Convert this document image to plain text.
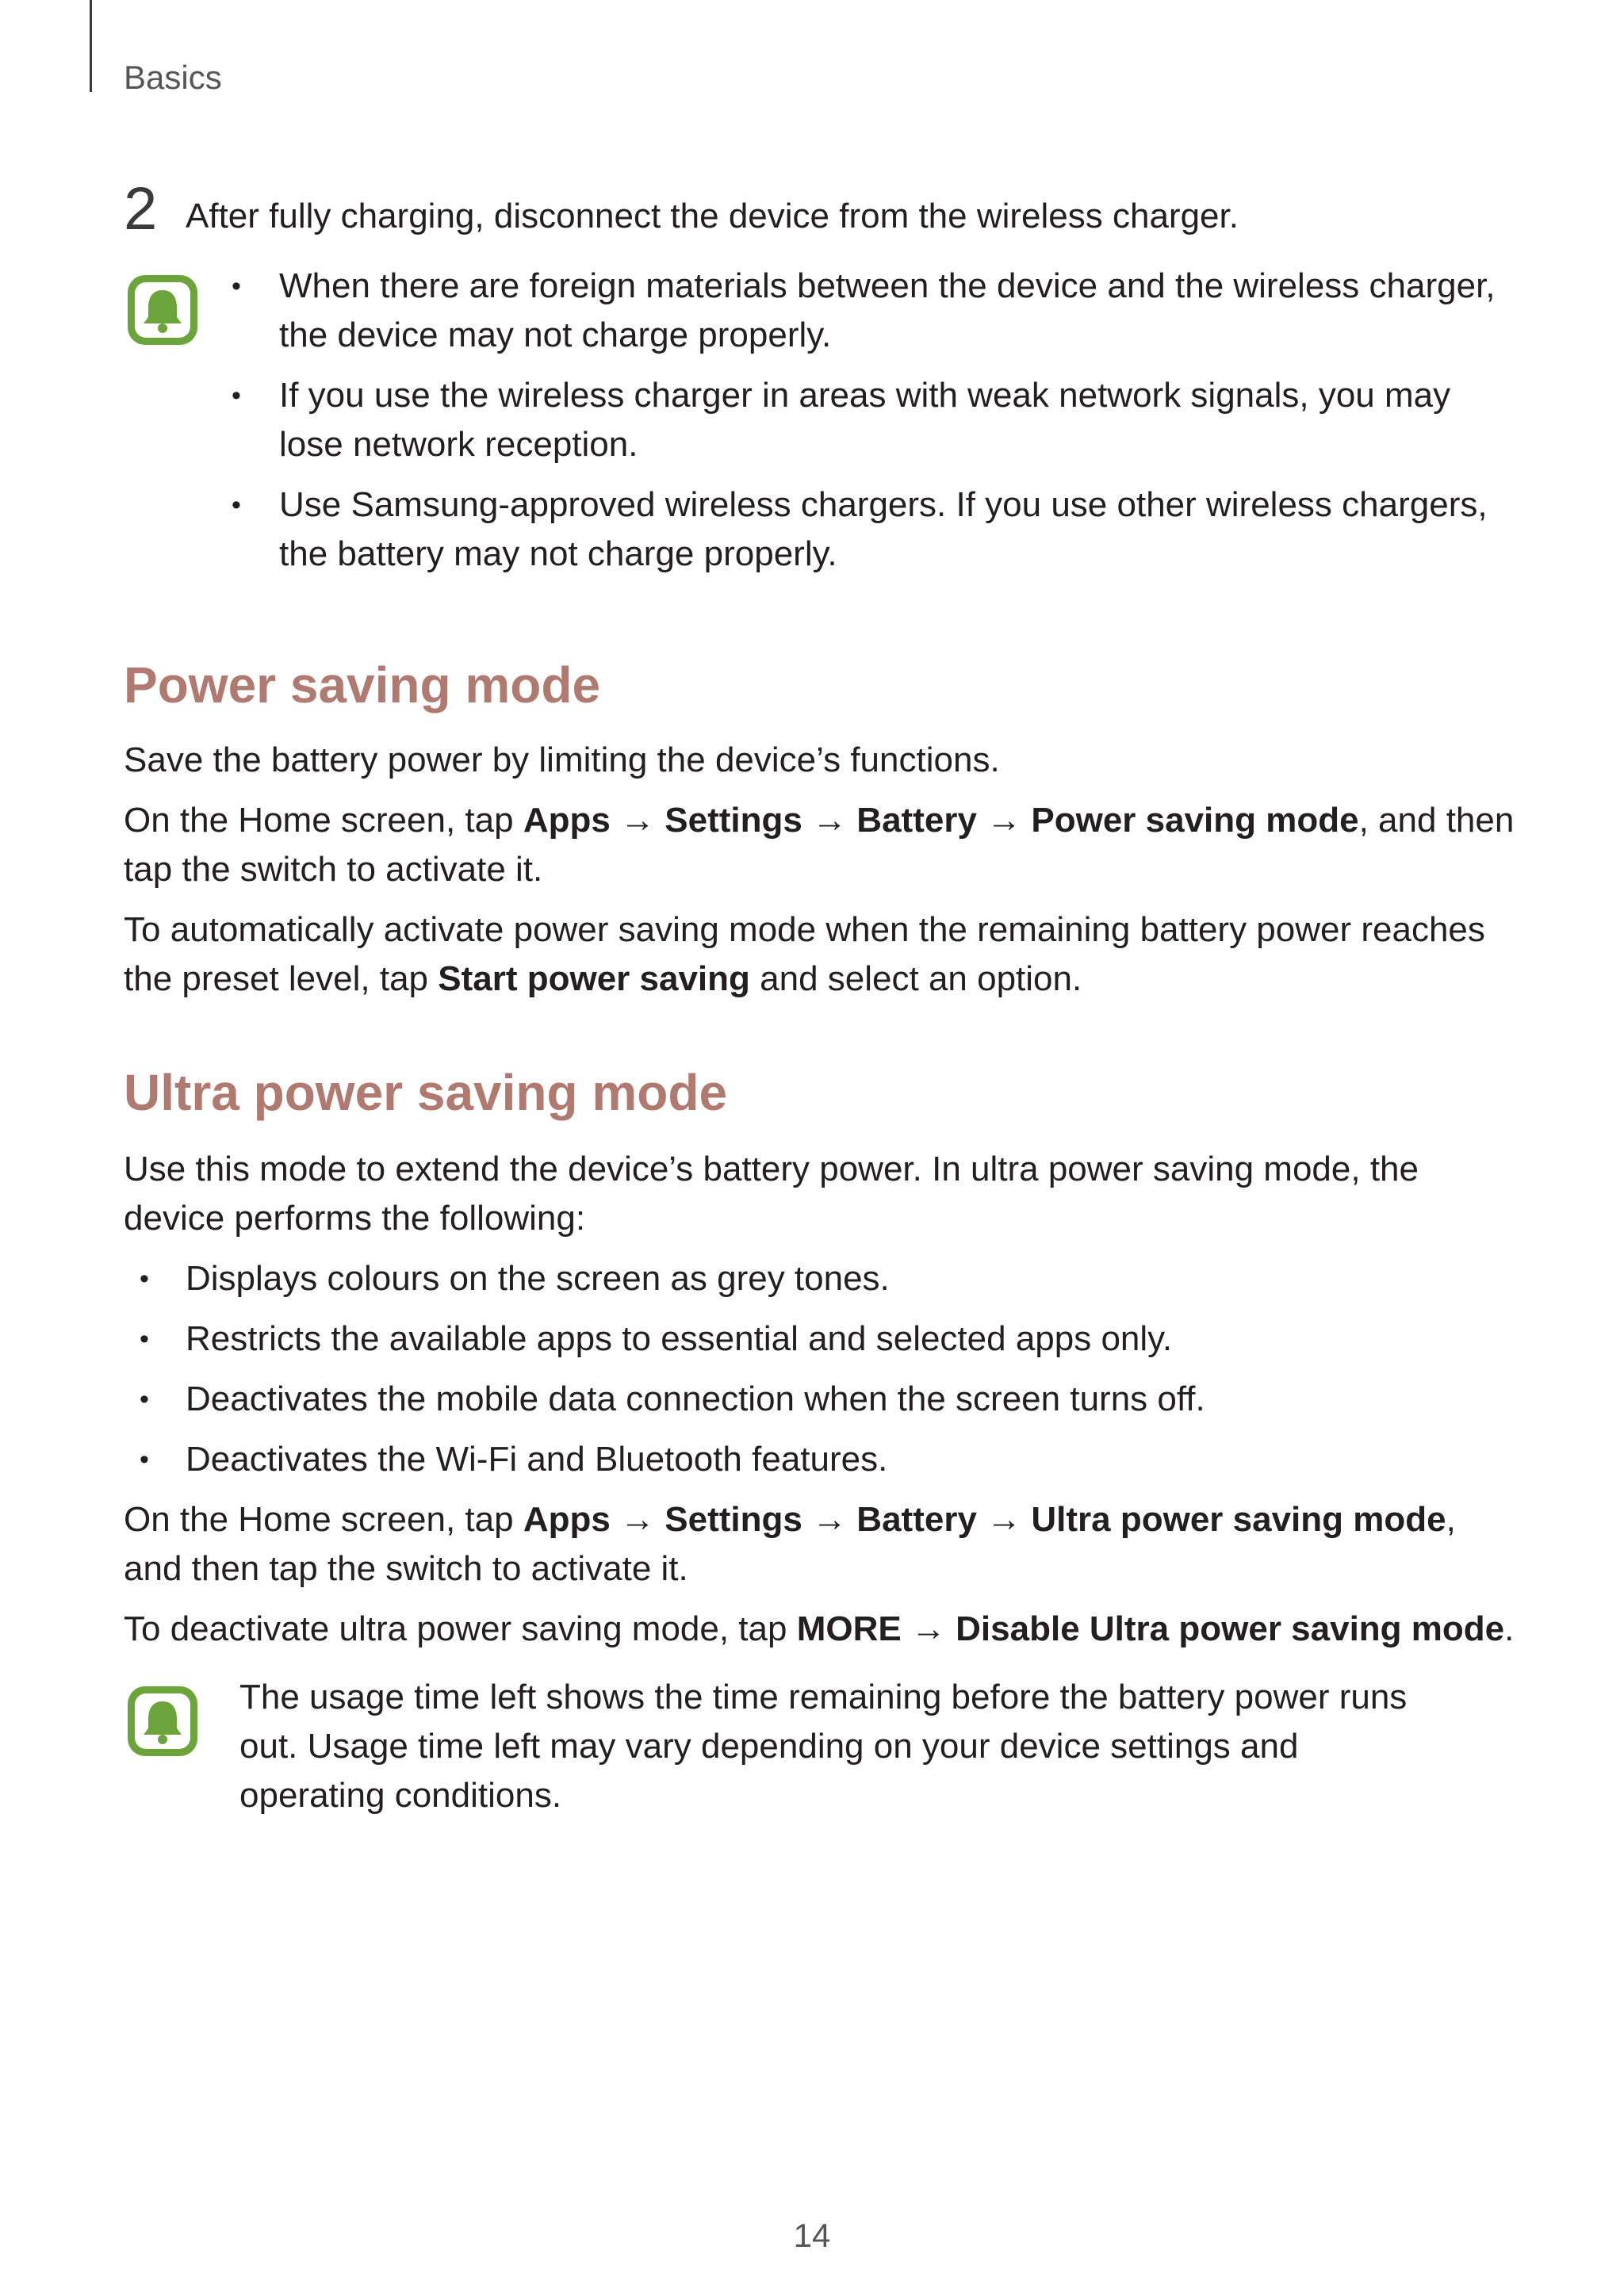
Basics
2 After fully charging, disconnect the device from the wireless charger.
• When there are foreign materials between the device and the wireless charger, the device may not charge properly.
• If you use the wireless charger in areas with weak network signals, you may lose network reception.
• Use Samsung-approved wireless chargers. If you use other wireless chargers, the battery may not charge properly.
Power saving mode

Save the battery power by limiting the device’s functions.

On the Home screen, tap Apps → Settings → Battery → Power saving mode, and then tap the switch to activate it.

To automatically activate power saving mode when the remaining battery power reaches the preset level, tap Start power saving and select an option.

Ultra power saving mode

Use this mode to extend the device’s battery power. In ultra power saving mode, the device performs the following:

• Displays colours on the screen as grey tones.
• Restricts the available apps to essential and selected apps only.
• Deactivates the mobile data connection when the screen turns off.
• Deactivates the Wi-Fi and Bluetooth features.

On the Home screen, tap Apps → Settings → Battery → Ultra power saving mode, and then tap the switch to activate it.

To deactivate ultra power saving mode, tap MORE → Disable Ultra power saving mode.

The usage time left shows the time remaining before the battery power runs out. Usage time left may vary depending on your device settings and operating conditions.

14
